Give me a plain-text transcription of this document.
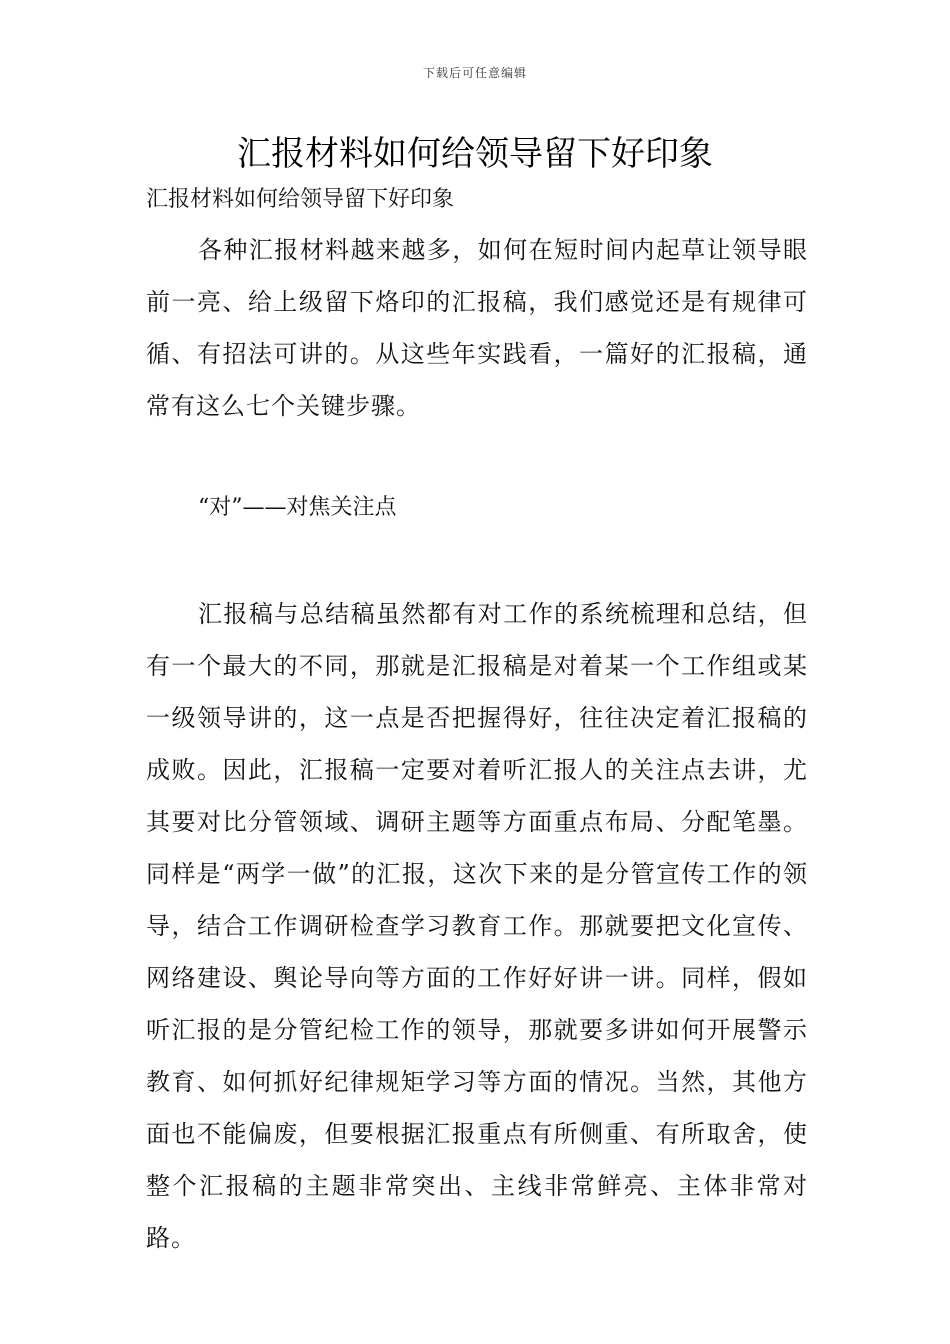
下载后可任意编辑
汇报材料如何给领导留下好印象

汇报材料如何给领导留下好印象

各种汇报材料越来越多，如何在短时间内起草让领导眼前一亮、给上级留下烙印的汇报稿，我们感觉还是有规律可循、有招法可讲的。从这些年实践看，一篇好的汇报稿，通常有这么七个关键步骤。

“对”——对焦关注点

汇报稿与总结稿虽然都有对工作的系统梳理和总结，但有一个最大的不同，那就是汇报稿是对着某一个工作组或某一级领导讲的，这一点是否把握得好，往往决定着汇报稿的成败。因此，汇报稿一定要对着听汇报人的关注点去讲，尤其要对比分管领域、调研主题等方面重点布局、分配笔墨。同样是“两学一做”的汇报，这次下来的是分管宣传工作的领导，结合工作调研检查学习教育工作。那就要把文化宣传、网络建设、舆论导向等方面的工作好好讲一讲。同样，假如听汇报的是分管纪检工作的领导，那就要多讲如何开展警示教育、如何抓好纪律规矩学习等方面的情况。当然，其他方面也不能偏废，但要根据汇报重点有所侧重、有所取舍，使整个汇报稿的主题非常突出、主线非常鲜亮、主体非常对路。
